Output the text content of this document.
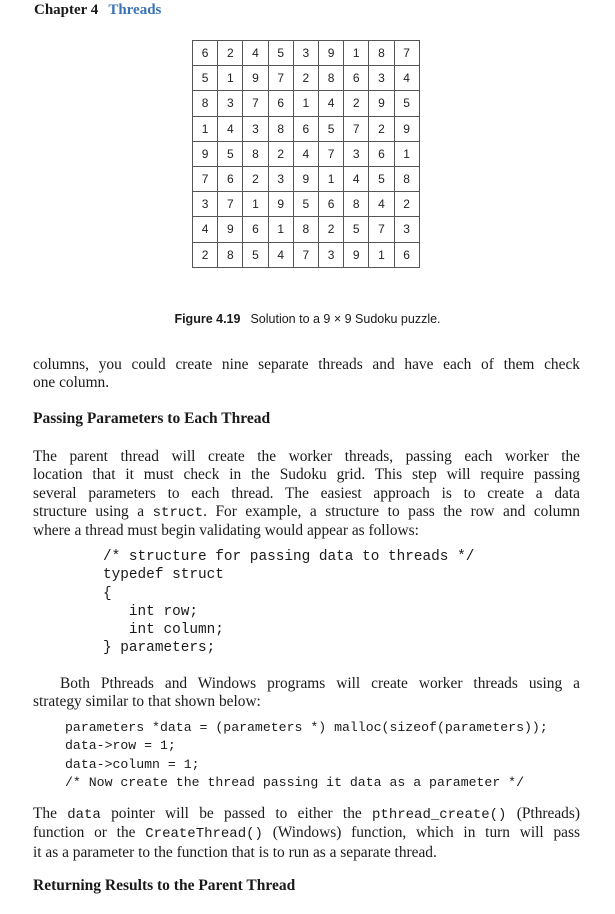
Chapter 4 Threads
6	2	4	5	3	9	1	8	7
5	1	9	7	2	8	6	3	4
8	3	7	6	1	4	2	9	5
1	4	3	8	6	5	7	2	9
9	5	8	2	4	7	3	6	1
7	6	2	3	9	1	4	5	8
3	7	1	9	5	6	8	4	2
4	9	6	1	8	2	5	7	3
2	8	5	4	7	3	9	1	6
Figure 4.19 Solution to a 9 × 9 Sudoku puzzle.
columns, you could create nine separate threads and have each of them check
one column.
Passing Parameters to Each Thread
The parent thread will create the worker threads, passing each worker the
location that it must check in the Sudoku grid. This step will require passing
several parameters to each thread. The easiest approach is to create a data
structure using a struct. For example, a structure to pass the row and column
where a thread must begin validating would appear as follows:
/* structure for passing data to threads */
typedef struct
{
int row;
int column;
} parameters;
Both Pthreads and Windows programs will create worker threads using a
strategy similar to that shown below:
parameters *data = (parameters *) malloc(sizeof(parameters));
data->row = 1;
data->column = 1;
/* Now create the thread passing it data as a parameter */
The data pointer will be passed to either the pthread_create() (Pthreads)
function or the CreateThread() (Windows) function, which in turn will pass
it as a parameter to the function that is to run as a separate thread.
Returning Results to the Parent Thread
